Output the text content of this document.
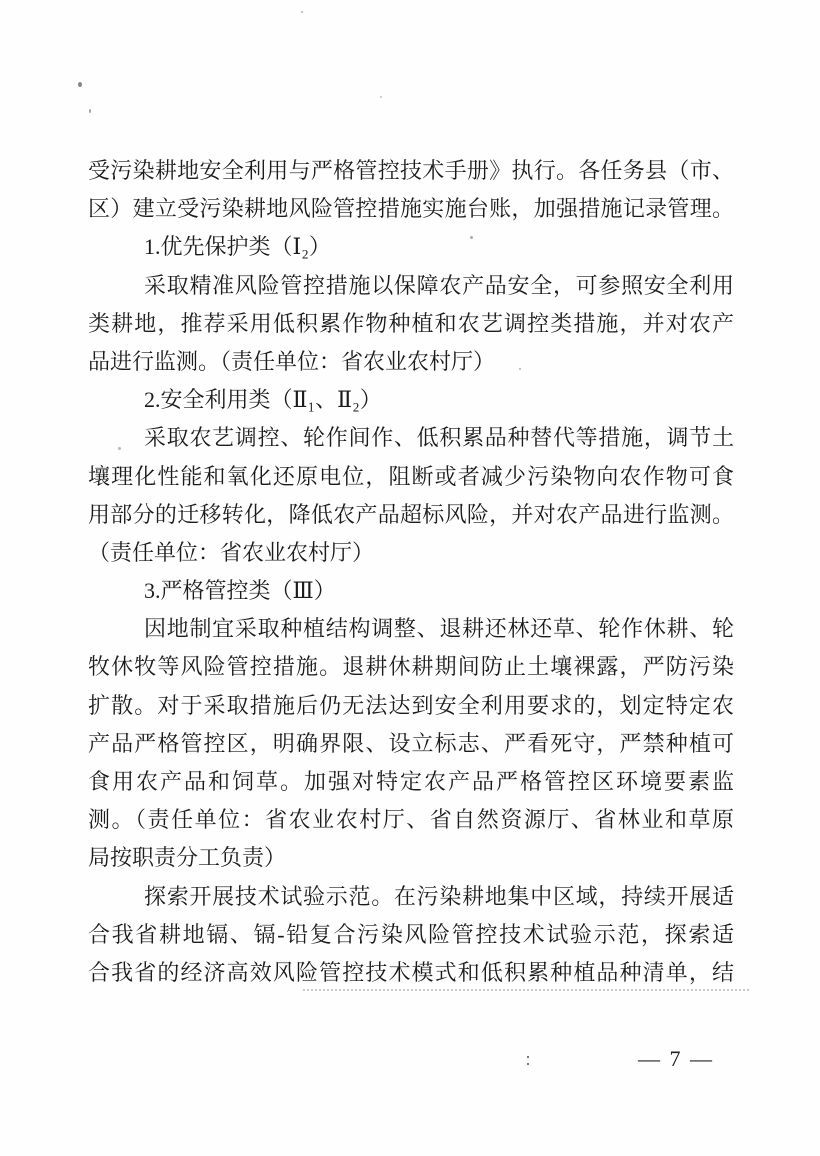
受污染耕地安全利用与严格管控技术手册》执行。各任务县（市、
区）建立受污染耕地风险管控措施实施台账，加强措施记录管理。
1.优先保护类（Ⅰ₂）
采取精准风险管控措施以保障农产品安全，可参照安全利用
类耕地，推荐采用低积累作物种植和农艺调控类措施，并对农产
品进行监测。（责任单位：省农业农村厅）
2.安全利用类（Ⅱ₁、Ⅱ₂）
采取农艺调控、轮作间作、低积累品种替代等措施，调节土
壤理化性能和氧化还原电位，阻断或者减少污染物向农作物可食
用部分的迁移转化，降低农产品超标风险，并对农产品进行监测。
（责任单位：省农业农村厅）
3.严格管控类（Ⅲ）
因地制宜采取种植结构调整、退耕还林还草、轮作休耕、轮
牧休牧等风险管控措施。退耕休耕期间防止土壤裸露，严防污染
扩散。对于采取措施后仍无法达到安全利用要求的，划定特定农
产品严格管控区，明确界限、设立标志、严看死守，严禁种植可
食用农产品和饲草。加强对特定农产品严格管控区环境要素监
测。（责任单位：省农业农村厅、省自然资源厅、省林业和草原
局按职责分工负责）
探索开展技术试验示范。在污染耕地集中区域，持续开展适
合我省耕地镉、镉-铅复合污染风险管控技术试验示范，探索适
合我省的经济高效风险管控技术模式和低积累种植品种清单，结
— 7 —
